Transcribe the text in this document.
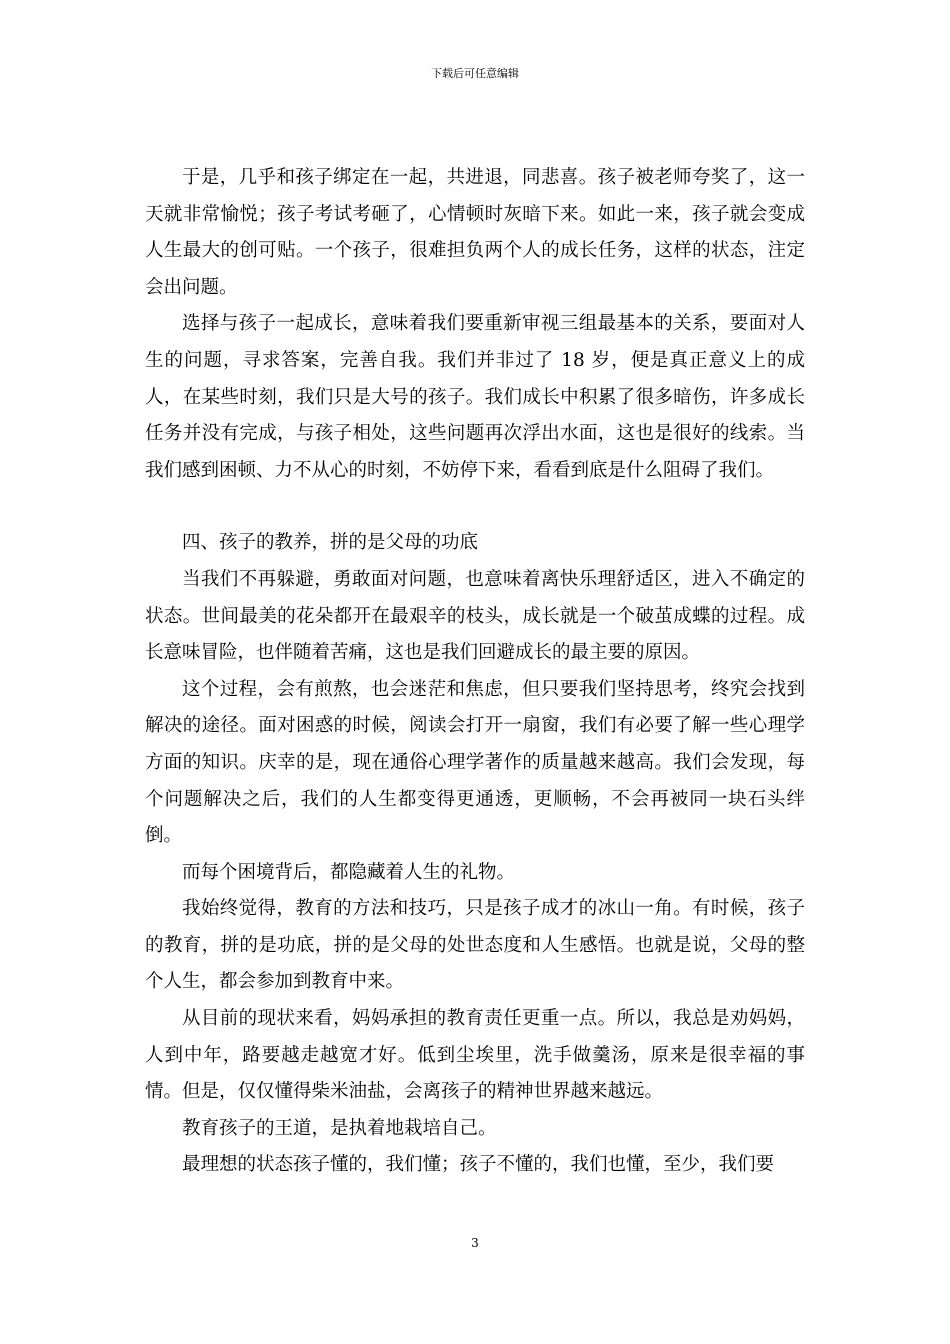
下载后可任意编辑

于是，几乎和孩子绑定在一起，共进退，同悲喜。孩子被老师夸奖了，这一天就非常愉悦；孩子考试考砸了，心情顿时灰暗下来。如此一来，孩子就会变成人生最大的创可贴。一个孩子，很难担负两个人的成长任务，这样的状态，注定会出问题。

选择与孩子一起成长，意味着我们要重新审视三组最基本的关系，要面对人生的问题，寻求答案，完善自我。我们并非过了 18 岁，便是真正意义上的成人，在某些时刻，我们只是大号的孩子。我们成长中积累了很多暗伤，许多成长任务并没有完成，与孩子相处，这些问题再次浮出水面，这也是很好的线索。当我们感到困顿、力不从心的时刻，不妨停下来，看看到底是什么阻碍了我们。

四、孩子的教养，拼的是父母的功底

当我们不再躲避，勇敢面对问题，也意味着离快乐理舒适区，进入不确定的状态。世间最美的花朵都开在最艰辛的枝头，成长就是一个破茧成蝶的过程。成长意味冒险，也伴随着苦痛，这也是我们回避成长的最主要的原因。

这个过程，会有煎熬，也会迷茫和焦虑，但只要我们坚持思考，终究会找到解决的途径。面对困惑的时候，阅读会打开一扇窗，我们有必要了解一些心理学方面的知识。庆幸的是，现在通俗心理学著作的质量越来越高。我们会发现，每个问题解决之后，我们的人生都变得更通透，更顺畅，不会再被同一块石头绊倒。

而每个困境背后，都隐藏着人生的礼物。

我始终觉得，教育的方法和技巧，只是孩子成才的冰山一角。有时候，孩子的教育，拼的是功底，拼的是父母的处世态度和人生感悟。也就是说，父母的整个人生，都会参加到教育中来。

从目前的现状来看，妈妈承担的教育责任更重一点。所以，我总是劝妈妈，人到中年，路要越走越宽才好。低到尘埃里，洗手做羹汤，原来是很幸福的事情。但是，仅仅懂得柴米油盐，会离孩子的精神世界越来越远。

教育孩子的王道，是执着地栽培自己。

最理想的状态孩子懂的，我们懂；孩子不懂的，我们也懂，至少，我们要

3
